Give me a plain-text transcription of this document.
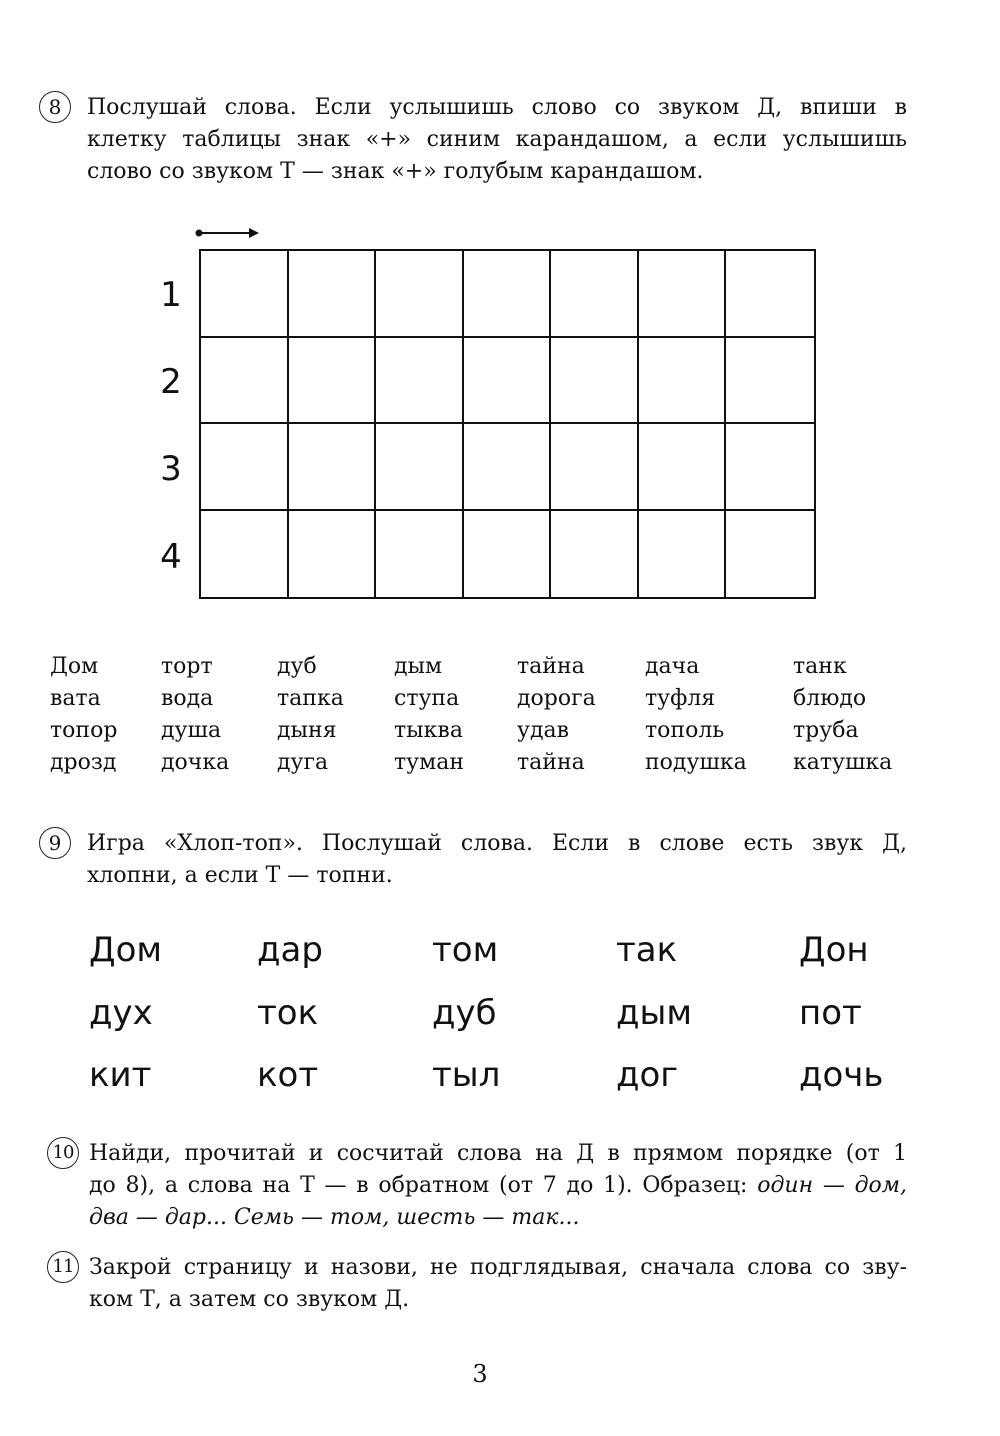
8	Послушай слова. Если услышишь слово со звуком Д, впиши в
клетку таблицы знак «+» синим карандашом, а если услышишь
слово со звуком Т — знак «+» голубым карандашом.
1
2
3
4
Дом
вата
топор
дрозд
торт
вода
душа
дочка
дуб
тапка
дыня
дуга
дым
ступа
тыква
туман
тайна
дорога
удав
тайна
дача
туфля
тополь
подушка
танк
блюдо
труба
катушка
9	Игра «Хлоп-топ». Послушай слова. Если в слове есть звук Д,
хлопни, а если Т — топни.
Дом
дух
кит
дар
ток
кот
том
дуб
тыл
так
дым
дог
Дон
пот
дочь
10 Найди, прочитай и сосчитай слова на Д в прямом порядке (от 1
до 8), а слова на Т — в обратном (от 7 до 1). Образец: один — дом,
два — дар... Семь — том, шесть — так...
11 Закрой страницу и назови, не подглядывая, сначала слова со зву-
ком Т, а затем со звуком Д.
3
